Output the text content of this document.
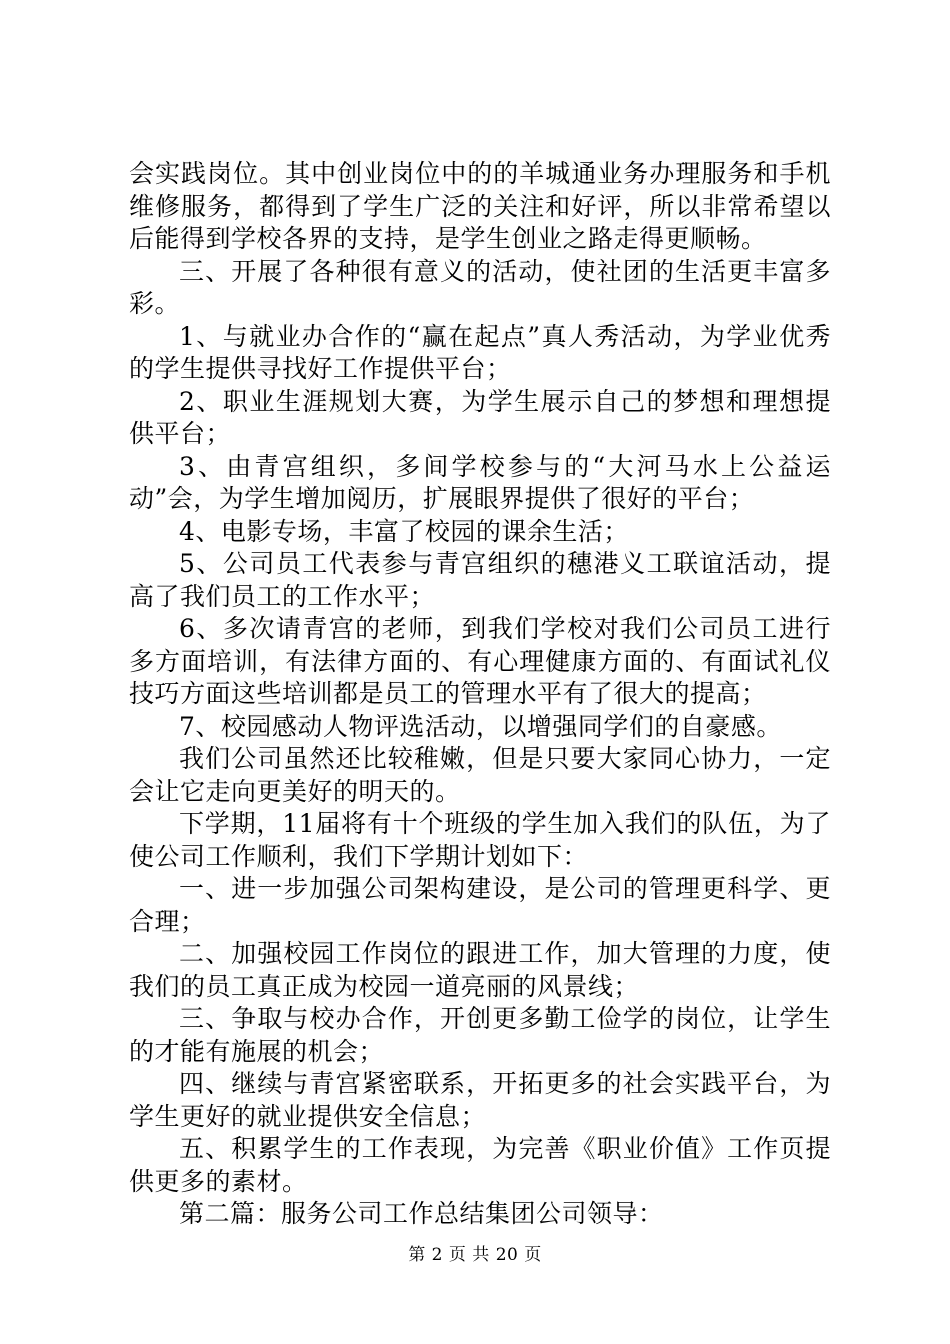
会实践岗位。其中创业岗位中的的羊城通业务办理服务和手机维修服务，都得到了学生广泛的关注和好评，所以非常希望以后能得到学校各界的支持，是学生创业之路走得更顺畅。

三、开展了各种很有意义的活动，使社团的生活更丰富多彩。

1、与就业办合作的“赢在起点”真人秀活动，为学业优秀的学生提供寻找好工作提供平台；

2、职业生涯规划大赛，为学生展示自己的梦想和理想提供平台；

3、由青宫组织，多间学校参与的“大河马水上公益运动”会，为学生增加阅历，扩展眼界提供了很好的平台；

4、电影专场，丰富了校园的课余生活；

5、公司员工代表参与青宫组织的穗港义工联谊活动，提高了我们员工的工作水平；

6、多次请青宫的老师，到我们学校对我们公司员工进行多方面培训，有法律方面的、有心理健康方面的、有面试礼仪技巧方面这些培训都是员工的管理水平有了很大的提高；

7、校园感动人物评选活动，以增强同学们的自豪感。

我们公司虽然还比较稚嫩，但是只要大家同心协力，一定会让它走向更美好的明天的。

下学期，11届将有十个班级的学生加入我们的队伍，为了使公司工作顺利，我们下学期计划如下：

一、进一步加强公司架构建设，是公司的管理更科学、更合理；

二、加强校园工作岗位的跟进工作，加大管理的力度，使我们的员工真正成为校园一道亮丽的风景线；

三、争取与校办合作，开创更多勤工俭学的岗位，让学生的才能有施展的机会；

四、继续与青宫紧密联系，开拓更多的社会实践平台，为学生更好的就业提供安全信息；

五、积累学生的工作表现，为完善《职业价值》工作页提供更多的素材。

第二篇：服务公司工作总结集团公司领导：

第 2 页 共 20 页
